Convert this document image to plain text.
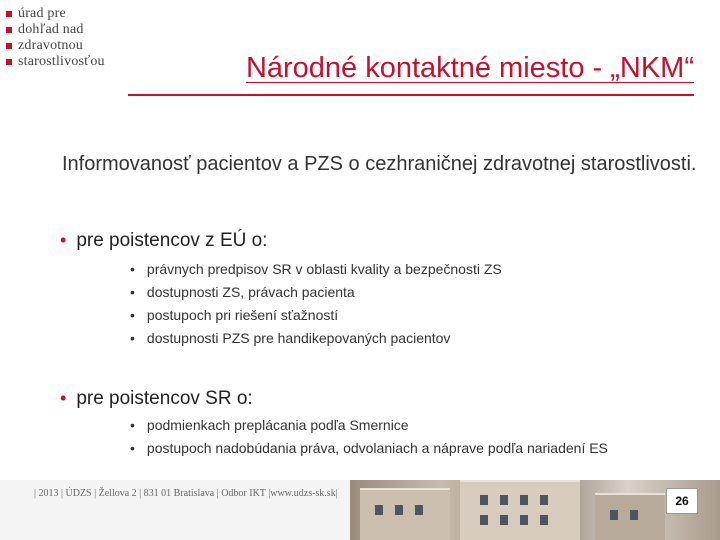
úrad pre
dohľad nad
zdravotnou
starostlivosťou	Národné kontaktné miesto - „NKM“
Informovanosť pacientov a PZS o cezhraničnej zdravotnej starostlivosti.
• pre poistencov z EÚ o:
• právnych predpisov SR v oblasti kvality a bezpečnosti ZS
• dostupnosti ZS, právach pacienta
• postupoch pri riešení sťažností
• dostupnosti PZS pre handikepovaných pacientov
• pre poistencov SR o:
• podmienkach preplácania podľa Smernice
• postupoch nadobúdania práva, odvolaniach a náprave podľa nariadení ES
| 2013 | ÚDZS | Žellova 2 | 831 01 Bratislava | Odbor IKT |www.udzs-sk.sk|
26
